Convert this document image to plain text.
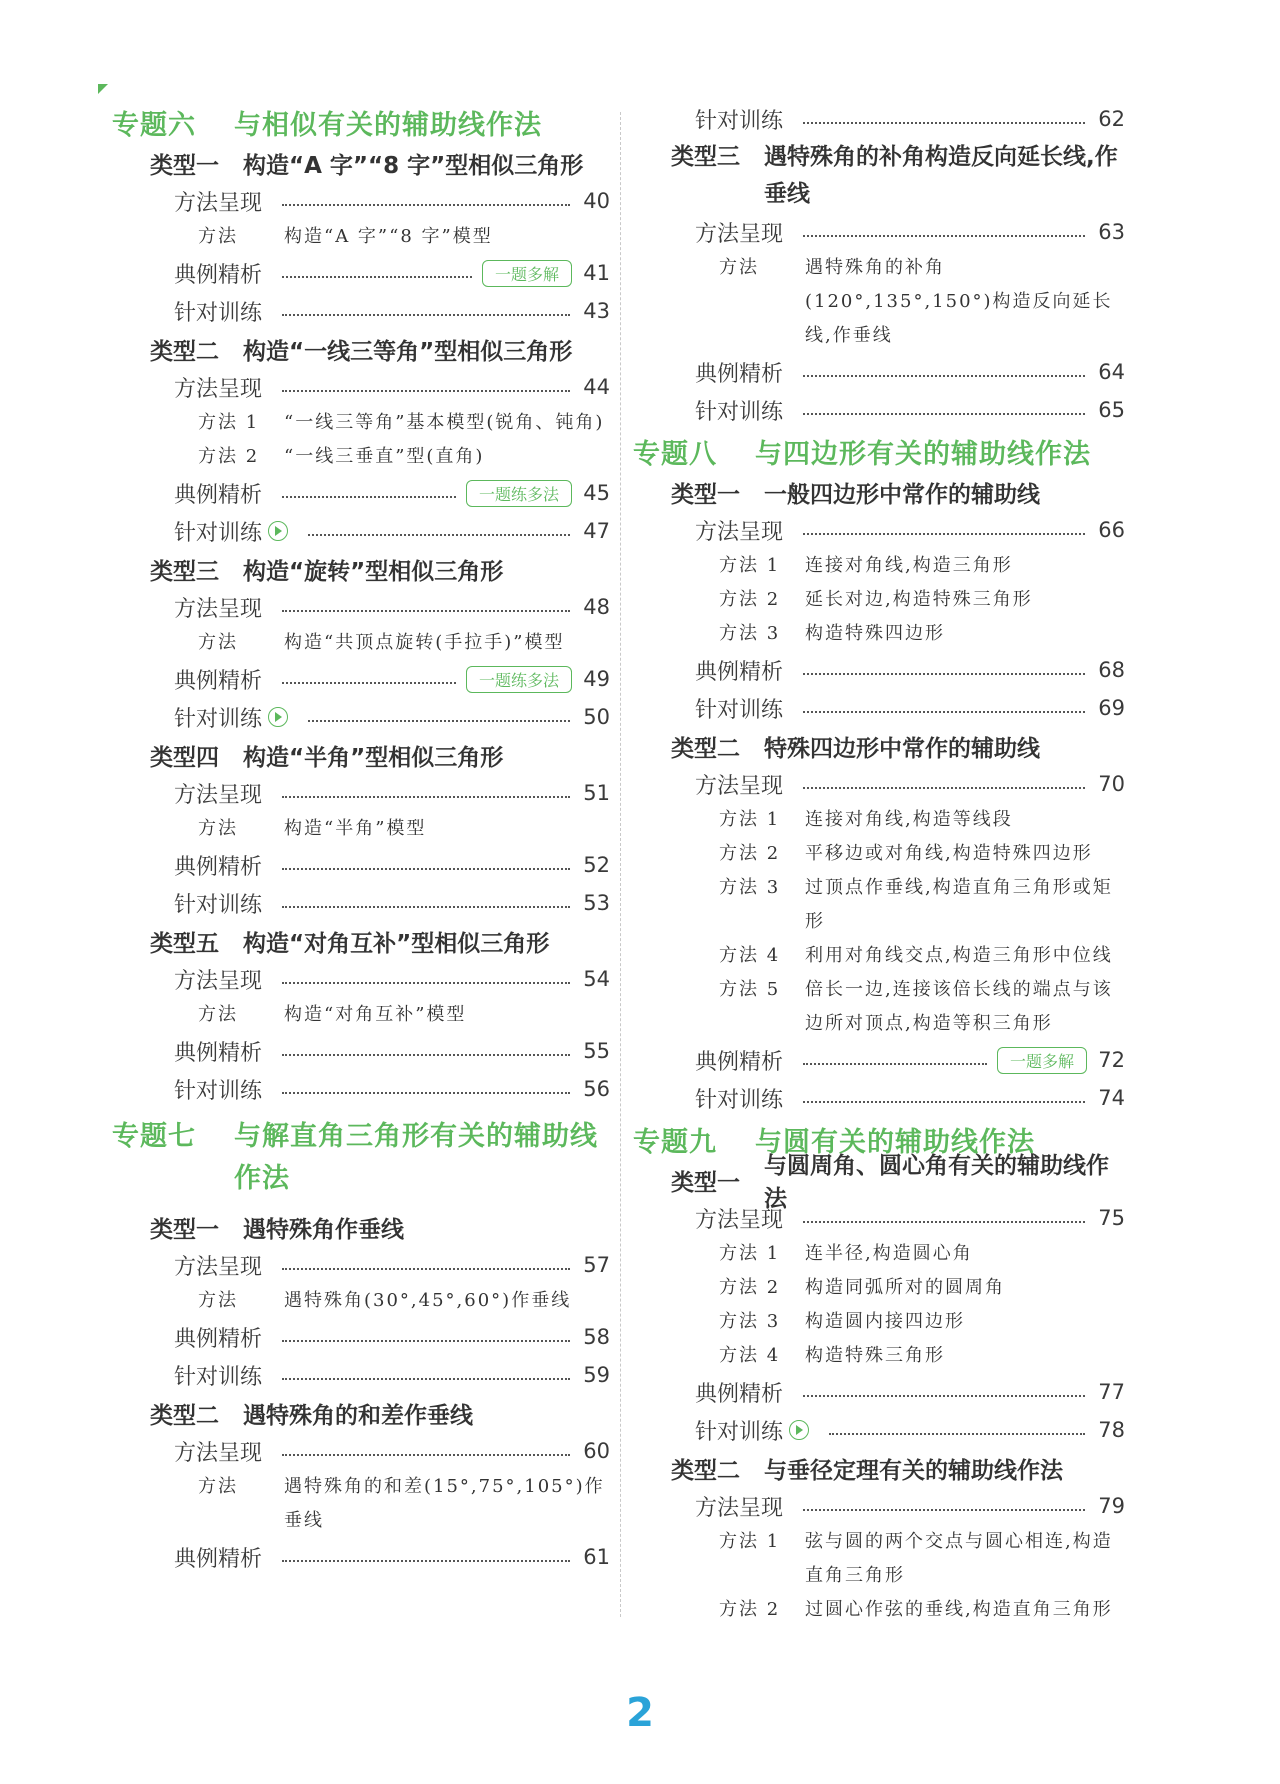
专题六	与相似有关的辅助线作法
类型一	构造“A 字”“8 字”型相似三角形
方法呈现	40
方法	构造“A 字”“8 字”模型
典例精析	一题多解	41
针对训练	43
类型二	构造“一线三等角”型相似三角形
方法呈现	44
方法 1	“一线三等角”基本模型(锐角、钝角)
方法 2	“一线三垂直”型(直角)
典例精析	一题练多法	45
针对训练	47
类型三	构造“旋转”型相似三角形
方法呈现	48
方法	构造“共顶点旋转(手拉手)”模型
典例精析	一题练多法	49
针对训练	50
类型四	构造“半角”型相似三角形
方法呈现	51
方法	构造“半角”模型
典例精析	52
针对训练	53
类型五	构造“对角互补”型相似三角形
方法呈现	54
方法	构造“对角互补”模型
典例精析	55
针对训练	56
专题七	与解直角三角形有关的辅助线作法
类型一	遇特殊角作垂线
方法呈现	57
方法	遇特殊角(30°,45°,60°)作垂线
典例精析	58
针对训练	59
类型二	遇特殊角的和差作垂线
方法呈现	60
方法	遇特殊角的和差(15°,75°,105°)作垂线
典例精析	61
针对训练	62
类型三	遇特殊角的补角构造反向延长线,作垂线
方法呈现	63
方法	遇特殊角的补角(120°,135°,150°)构造反向延长线,作垂线
典例精析	64
针对训练	65
专题八	与四边形有关的辅助线作法
类型一	一般四边形中常作的辅助线
方法呈现	66
方法 1	连接对角线,构造三角形
方法 2	延长对边,构造特殊三角形
方法 3	构造特殊四边形
典例精析	68
针对训练	69
类型二	特殊四边形中常作的辅助线
方法呈现	70
方法 1	连接对角线,构造等线段
方法 2	平移边或对角线,构造特殊四边形
方法 3	过顶点作垂线,构造直角三角形或矩形
方法 4	利用对角线交点,构造三角形中位线
方法 5	倍长一边,连接该倍长线的端点与该边所对顶点,构造等积三角形
典例精析	一题多解	72
针对训练	74
专题九	与圆有关的辅助线作法
类型一
与圆周角、圆心角有关的辅助线作法
方法呈现	75
方法 1	连半径,构造圆心角
方法 2	构造同弧所对的圆周角
方法 3	构造圆内接四边形
方法 4	构造特殊三角形
典例精析	77
针对训练	78
类型二	与垂径定理有关的辅助线作法
方法呈现	79
方法 1	弦与圆的两个交点与圆心相连,构造直角三角形
方法 2	过圆心作弦的垂线,构造直角三角形
2
